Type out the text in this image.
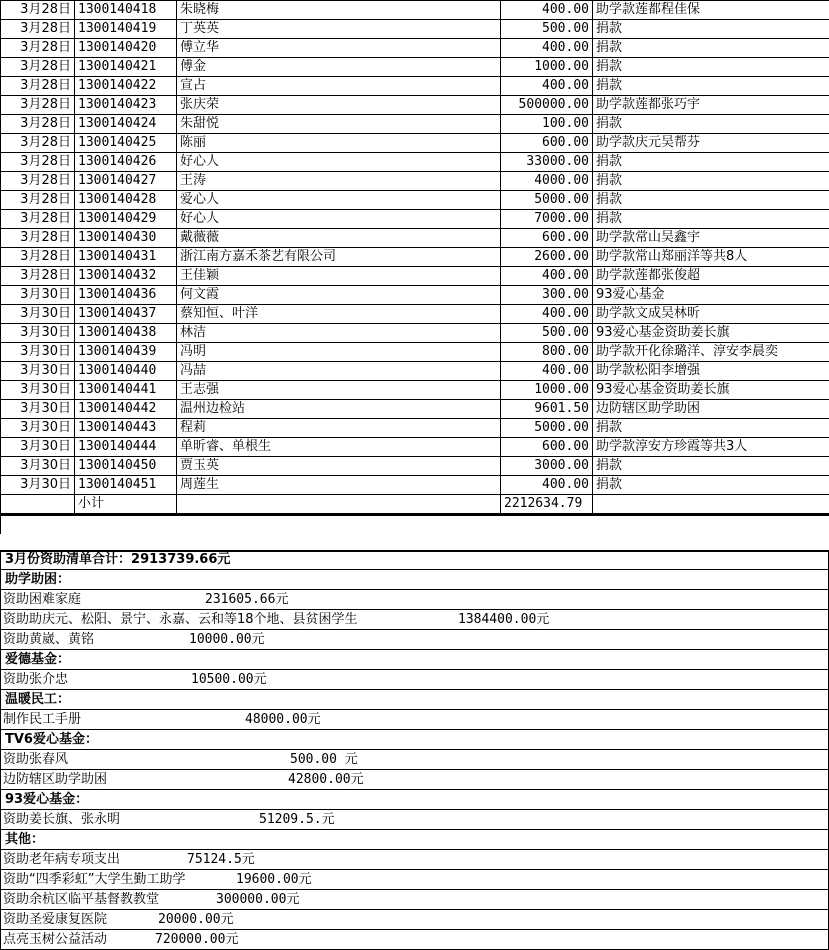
3月28日	1300140418	朱晓梅	400.00	助学款莲都程佳保
3月28日	1300140419	丁英英	500.00	捐款
3月28日	1300140420	傅立华	400.00	捐款
3月28日	1300140421	傅金	1000.00	捐款
3月28日	1300140422	宣占	400.00	捐款
3月28日	1300140423	张庆荣	500000.00	助学款莲都张巧宇
3月28日	1300140424	朱甜悦	100.00	捐款
3月28日	1300140425	陈丽	600.00	助学款庆元吴帮芬
3月28日	1300140426	好心人	33000.00	捐款
3月28日	1300140427	王涛	4000.00	捐款
3月28日	1300140428	爱心人	5000.00	捐款
3月28日	1300140429	好心人	7000.00	捐款
3月28日	1300140430	戴薇薇	600.00	助学款常山吴鑫宇
3月28日	1300140431	浙江南方嘉禾茶艺有限公司	2600.00	助学款常山郑丽洋等共8人
3月28日	1300140432	王佳颖	400.00	助学款莲都张俊超
3月30日	1300140436	何文霞	300.00	93爱心基金
3月30日	1300140437	蔡知恒、叶洋	400.00	助学款文成吴林昕
3月30日	1300140438	林洁	500.00	93爱心基金资助姜长旗
3月30日	1300140439	冯明	800.00	助学款开化徐璐洋、淳安李晨奕
3月30日	1300140440	冯喆	400.00	助学款松阳李增强
3月30日	1300140441	王志强	1000.00	93爱心基金资助姜长旗
3月30日	1300140442	温州边检站	9601.50	边防辖区助学助困
3月30日	1300140443	程莉	5000.00	捐款
3月30日	1300140444	单昕睿、单根生	600.00	助学款淳安方珍霞等共3人
3月30日	1300140450	贾玉英	3000.00	捐款
3月30日	1300140451	周莲生	400.00	捐款
	小计		2212634.79	
3月份资助清单合计：2913739.66元
助学助困：
资助困难家庭	231605.66元
资助助庆元、松阳、景宁、永嘉、云和等18个地、县贫困学生	1384400.00元
资助黄崴、黄铭	10000.00元
爱德基金：
资助张介忠	10500.00元
温暖民工：
制作民工手册	48000.00元
TV6爱心基金：
资助张春风	500.00 元
边防辖区助学助困	42800.00元
93爱心基金：
资助姜长旗、张永明	51209.5.元
其他：
资助老年病专项支出	75124.5元
资助“四季彩虹”大学生勤工助学	19600.00元
资助余杭区临平基督教教堂	300000.00元
资助圣爱康复医院	20000.00元
点亮玉树公益活动	720000.00元
